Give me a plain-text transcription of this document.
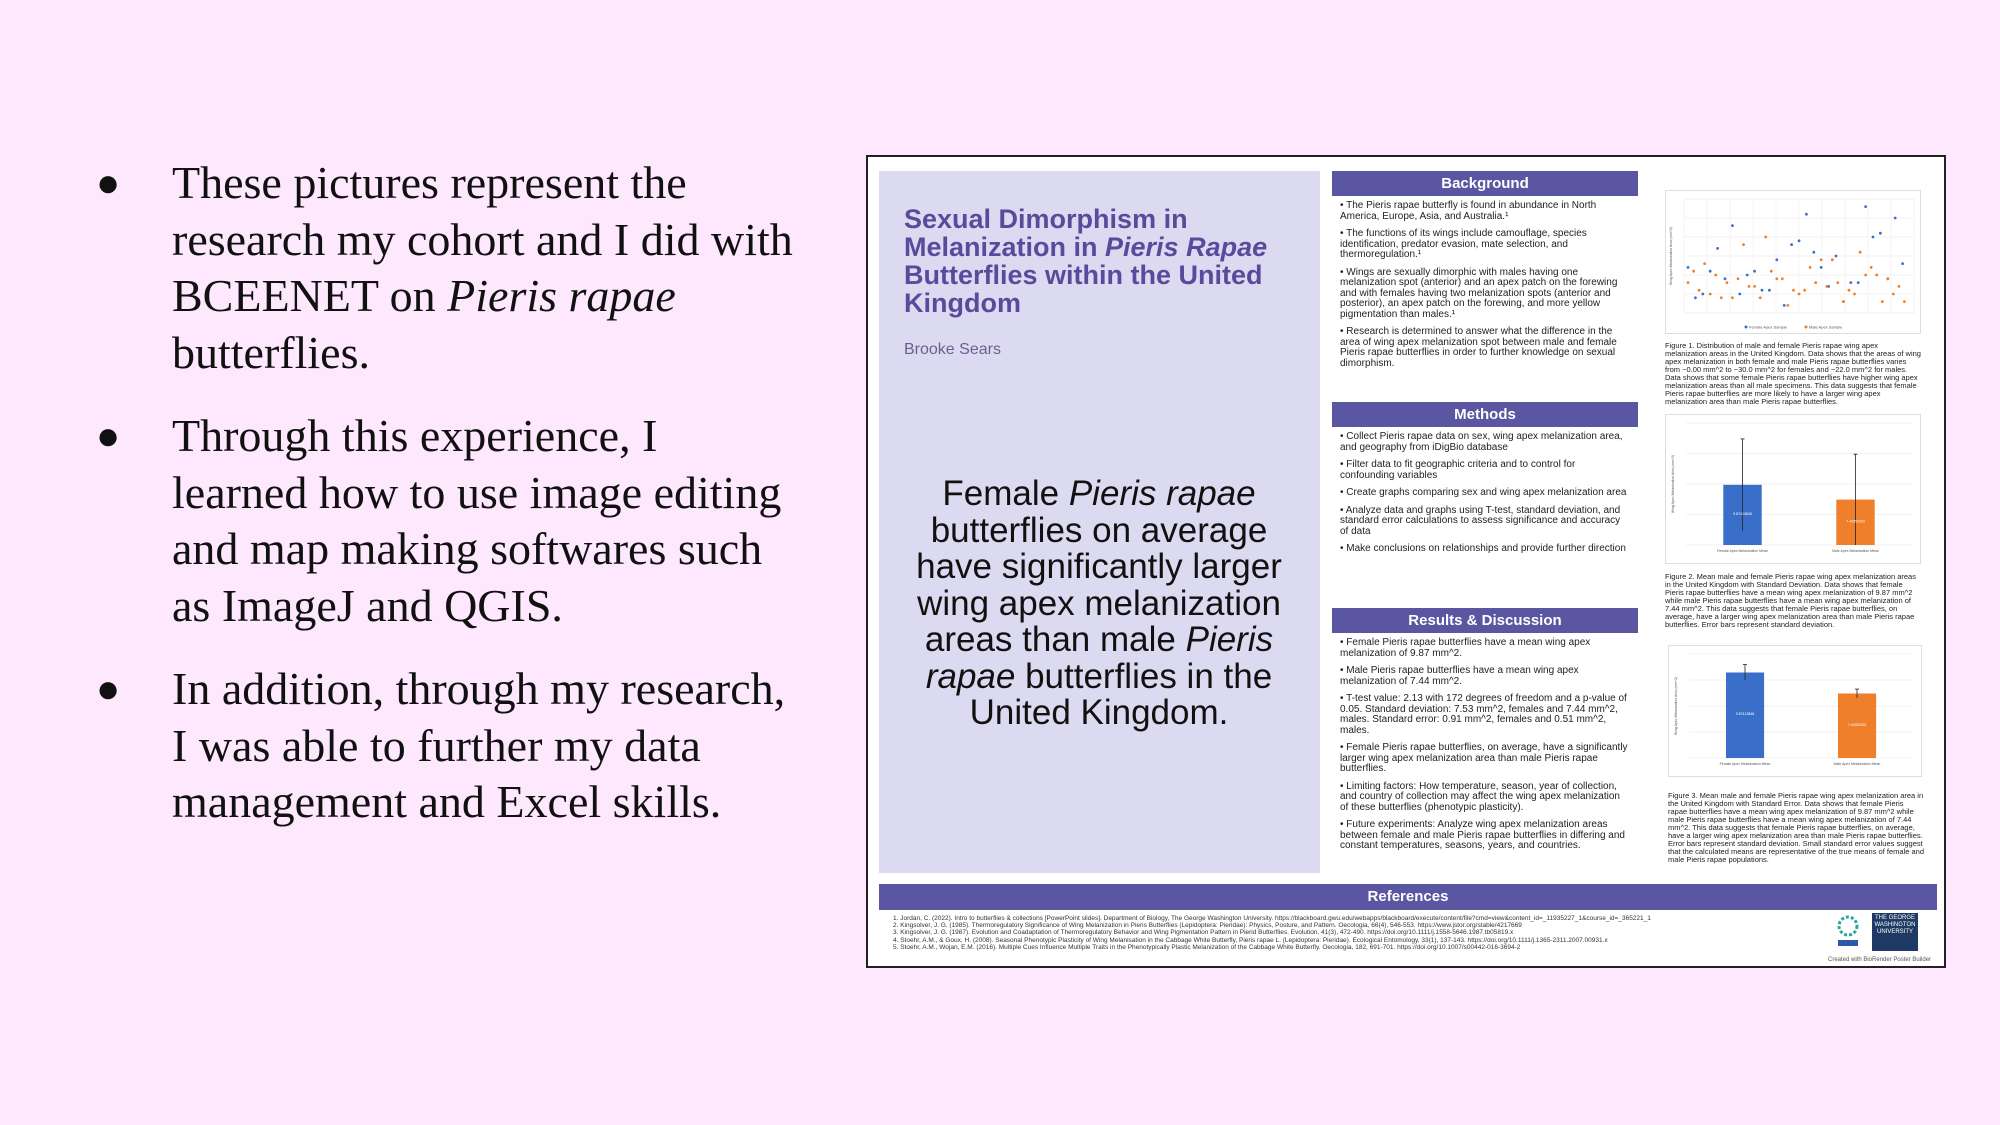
● These pictures represent the research my cohort and I did with BCEENET on Pieris rapae butterflies.
● Through this experience, I learned how to use image editing and map making softwares such as ImageJ and QGIS.
● In addition, through my research, I was able to further my data management and Excel skills.
Sexual Dimorphism in Melanization in Pieris Rapae Butterflies within the United Kingdom
Brooke Sears
Female Pieris rapae butterflies on average have significantly larger wing apex melanization areas than male Pieris rapae butterflies in the United Kingdom.
Background

• The Pieris rapae butterfly is found in abundance in North America, Europe, Asia, and Australia.¹

• The functions of its wings include camouflage, species identification, predator evasion, mate selection, and thermoregulation.¹

• Wings are sexually dimorphic with males having one melanization spot (anterior) and an apex patch on the forewing and with females having two melanization spots (anterior and posterior), an apex patch on the forewing, and more yellow pigmentation than males.¹

• Research is determined to answer what the difference in the area of wing apex melanization spot between male and female Pieris rapae butterflies in order to further knowledge on sexual dimorphism.

Methods

• Collect Pieris rapae data on sex, wing apex melanization area, and geography from iDigBio database

• Filter data to fit geographic criteria and to control for confounding variables

• Create graphs comparing sex and wing apex melanization area

• Analyze data and graphs using T-test, standard deviation, and standard error calculations to assess significance and accuracy of data

• Make conclusions on relationships and provide further direction

Results & Discussion

• Female Pieris rapae butterflies have a mean wing apex melanization of 9.87 mm^2.

• Male Pieris rapae butterflies have a mean wing apex melanization of 7.44 mm^2.

• T-test value: 2.13 with 172 degrees of freedom and a p-value of 0.05. Standard deviation: 7.53 mm^2, females and 7.44 mm^2, males. Standard error: 0.91 mm^2, females and 0.51 mm^2, males.

• Female Pieris rapae butterflies, on average, have a significantly larger wing apex melanization area than male Pieris rapae butterflies.

• Limiting factors: How temperature, season, year of collection, and country of collection may affect the wing apex melanization of these butterflies (phenotypic plasticity).

• Future experiments: Analyze wing apex melanization areas between female and male Pieris rapae butterflies in differing and constant temperatures, seasons, years, and countries.

Wing Apex Melanization Area (mm^2)
Female Apex Sample	Male Apex Sample
Figure 1. Distribution of male and female Pieris rapae wing apex melanization areas in the United Kingdom. Data shows that the areas of wing apex melanization in both female and male Pieris rapae butterflies varies from ~0.00 mm^2 to ~30.0 mm^2 for females and ~22.0 mm^2 for males. Data shows that some female Pieris rapae butterflies have higher wing apex melanization areas than all male specimens. This data suggests that female Pieris rapae butterflies are more likely to have a larger wing apex melanization area than male Pieris rapae butterflies.
Wing Apex Melanization Area (mm^2)
9.87413848
Female Apex Melanization Mean
7.44352393
Male Apex Melanization Mean
Figure 2. Mean male and female Pieris rapae wing apex melanization areas in the United Kingdom with Standard Deviation. Data shows that female Pieris rapae butterflies have a mean wing apex melanization of 9.87 mm^2 while male Pieris rapae butterflies have a mean wing apex melanization of 7.44 mm^2. This data suggests that female Pieris rapae butterflies, on average, have a larger wing apex melanization area than male Pieris rapae butterflies. Error bars represent standard deviation.
Wing Apex Melanization Area (mm^2)	9.87413848
Female Apex Melanization Mean
7.44352393
Male Apex Melanization Mean
Figure 3. Mean male and female Pieris rapae wing apex melanization area in the United Kingdom with Standard Error. Data shows that female Pieris rapae butterflies have a mean wing apex melanization of 9.87 mm^2 while male Pieris rapae butterflies have a mean wing apex melanization of 7.44 mm^2. This data suggests that female Pieris rapae butterflies, on average, have a larger wing apex melanization area than male Pieris rapae butterflies. Error bars represent standard deviation. Small standard error values suggest that the calculated means are representative of the true means of female and male Pieris rapae populations.
References
1. Jordan, C. (2022). Intro to butterflies & collections [PowerPoint slides]. Department of Biology, The George Washington University. https://blackboard.gwu.edu/webapps/blackboard/execute/content/file?cmd=view&content_id=_11935227_1&course_id=_365221_1
2. Kingsolver, J. G. (1985). Thermoregulatory Significance of Wing Melanization in Pieris Butterflies (Lepidoptera: Pieridae): Physics, Posture, and Pattern. Oecologia, 66(4), 546-553. https://www.jstor.org/stable/4217669
3. Kingsolver, J. G. (1987). Evolution and Coadaptation of Thermoregulatory Behavior and Wing Pigmentation Pattern in Pierid Butterflies. Evolution, 41(3), 472-490. https://doi.org/10.1111/j.1558-5646.1987.tb05819.x
4. Stoehr, A.M., & Goux, H. (2008). Seasonal Phenotypic Plasticity of Wing Melanisation in the Cabbage White Butterfly, Pieris rapae L. (Lepidoptera: Pieridae). Ecological Entomology, 33(1), 137-143. https://doi.org/10.1111/j.1365-2311.2007.00931.x
5. Stoehr, A.M., Wojan, E.M. (2016). Multiple Cues Influence Multiple Traits in the Phenotypically Plastic Melanization of the Cabbage White Butterfly. Oecologia, 182, 691-701. https://doi.org/10.1007/s00442-016-3694-2
THE GEORGE WASHINGTON UNIVERSITY
Created with BioRender Poster Builder
